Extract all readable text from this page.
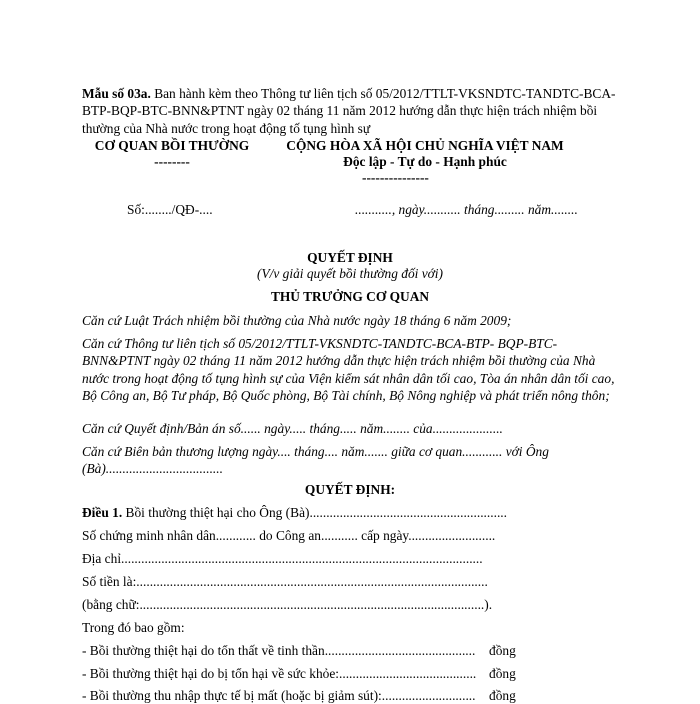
Mẫu số 03a. Ban hành kèm theo Thông tư liên tịch số 05/2012/TTLT-VKSNDTC-TANDTC-BCA-BTP-BQP-BTC-BNN&PTNT ngày 02 tháng 11 năm 2012 hướng dẫn thực hiện trách nhiệm bồi thường của Nhà nước trong hoạt động tố tụng hình sự
CƠ QUAN BỒI THƯỜNG
--------
CỘNG HÒA XÃ HỘI CHỦ NGHĨA VIỆT NAM
Độc lập - Tự do - Hạnh phúc
---------------
Số:......../QĐ-....	..........., ngày........... tháng......... năm........
QUYẾT ĐỊNH
(V/v giải quyết bồi thường đối với)
THỦ TRƯỞNG CƠ QUAN
Căn cứ Luật Trách nhiệm bồi thường của Nhà nước ngày 18 tháng 6 năm 2009;
Căn cứ Thông tư liên tịch số 05/2012/TTLT-VKSNDTC-TANDTC-BCA-BTP- BQP-BTC-BNN&PTNT ngày 02 tháng 11 năm 2012 hướng dẫn thực hiện trách nhiệm bồi thường của Nhà nước trong hoạt động tố tụng hình sự của Viện kiểm sát nhân dân tối cao, Tòa án nhân dân tối cao, Bộ Công an, Bộ Tư pháp, Bộ Quốc phòng, Bộ Tài chính, Bộ Nông nghiệp và phát triển nông thôn;
Căn cứ Quyết định/Bản án số...... ngày..... tháng..... năm........ của.....................
Căn cứ Biên bản thương lượng ngày.... tháng.... năm....... giữa cơ quan............ với Ông (Bà)...................................
QUYẾT ĐỊNH:
Điều 1. Bồi thường thiệt hại cho Ông (Bà)...........................................................
Số chứng minh nhân dân............ do Công an........... cấp ngày..........................
Địa chỉ............................................................................................................
Số tiền là:.........................................................................................................
(bằng chữ:.......................................................................................................).
Trong đó bao gồm:
- Bồi thường thiệt hại do tổn thất về tinh thần............................................. đồng
- Bồi thường thiệt hại do bị tổn hại về sức khỏe:......................................... đồng
- Bồi thường thu nhập thực tế bị mất (hoặc bị giảm sút):............................ đồng
